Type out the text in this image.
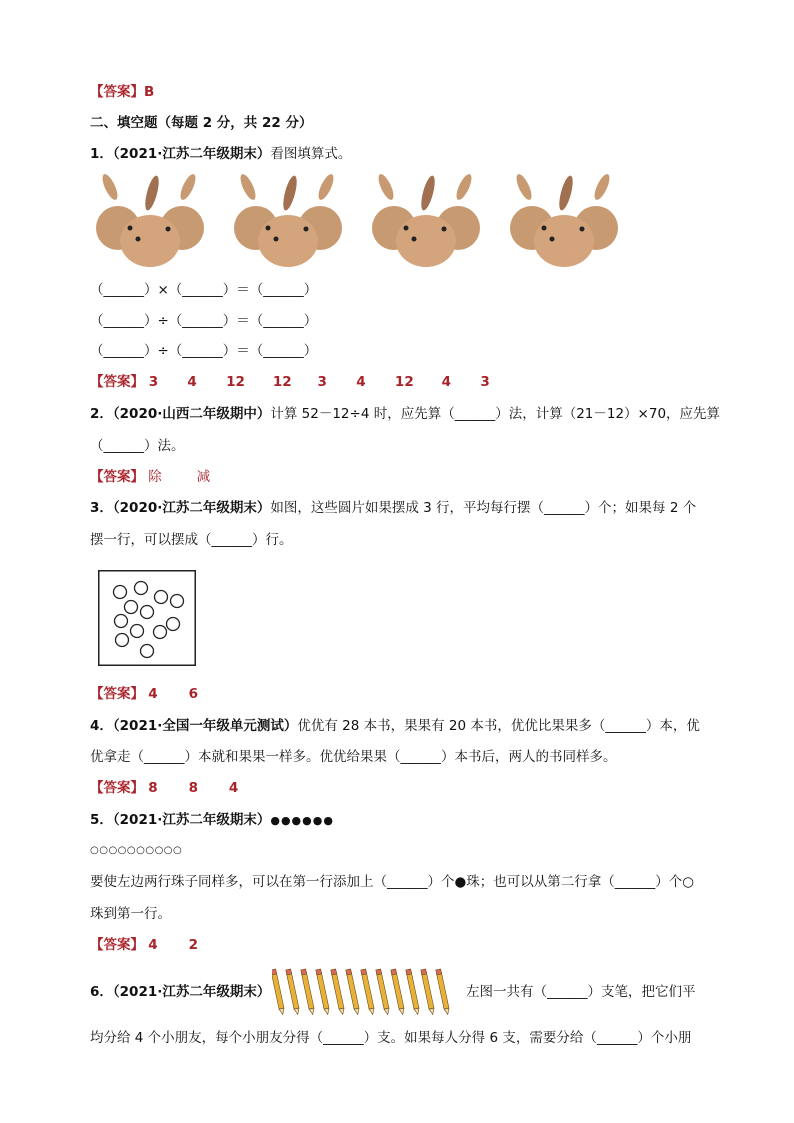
【答案】B
二、填空题（每题 2 分，共 22 分）
1．（2021·江苏二年级期末）看图填算式。
（______）×（______）＝（______）
（______）÷（______）＝（______）
（______）÷（______）＝（______）
【答案】 3 4 12 12 3 4 12 4 3
2．（2020·山西二年级期中）计算 52－12÷4 时，应先算（______）法，计算（21－12）×70，应先算
（______）法。
【答案】 除	减
3．（2020·江苏二年级期末）如图，这些圆片如果摆成 3 行，平均每行摆（______）个；如果每 2 个
摆一行，可以摆成（______）行。
【答案】 4 6
4．（2021·全国一年级单元测试）优优有 28 本书，果果有 20 本书，优优比果果多（______）本，优
优拿走（______）本就和果果一样多。优优给果果（______）本书后，两人的书同样多。
【答案】 8 8 4
5．（2021·江苏二年级期末）●●●●●●
○○○○○○○○○○
要使左边两行珠子同样多，可以在第一行添加上（______）个●珠；也可以从第二行拿（______）个○
珠到第一行。
【答案】 4 2
6．（2021·江苏二年级期末）	左图一共有（______）支笔，把它们平
均分给 4 个小朋友，每个小朋友分得（______）支。如果每人分得 6 支，需要分给（______）个小朋
